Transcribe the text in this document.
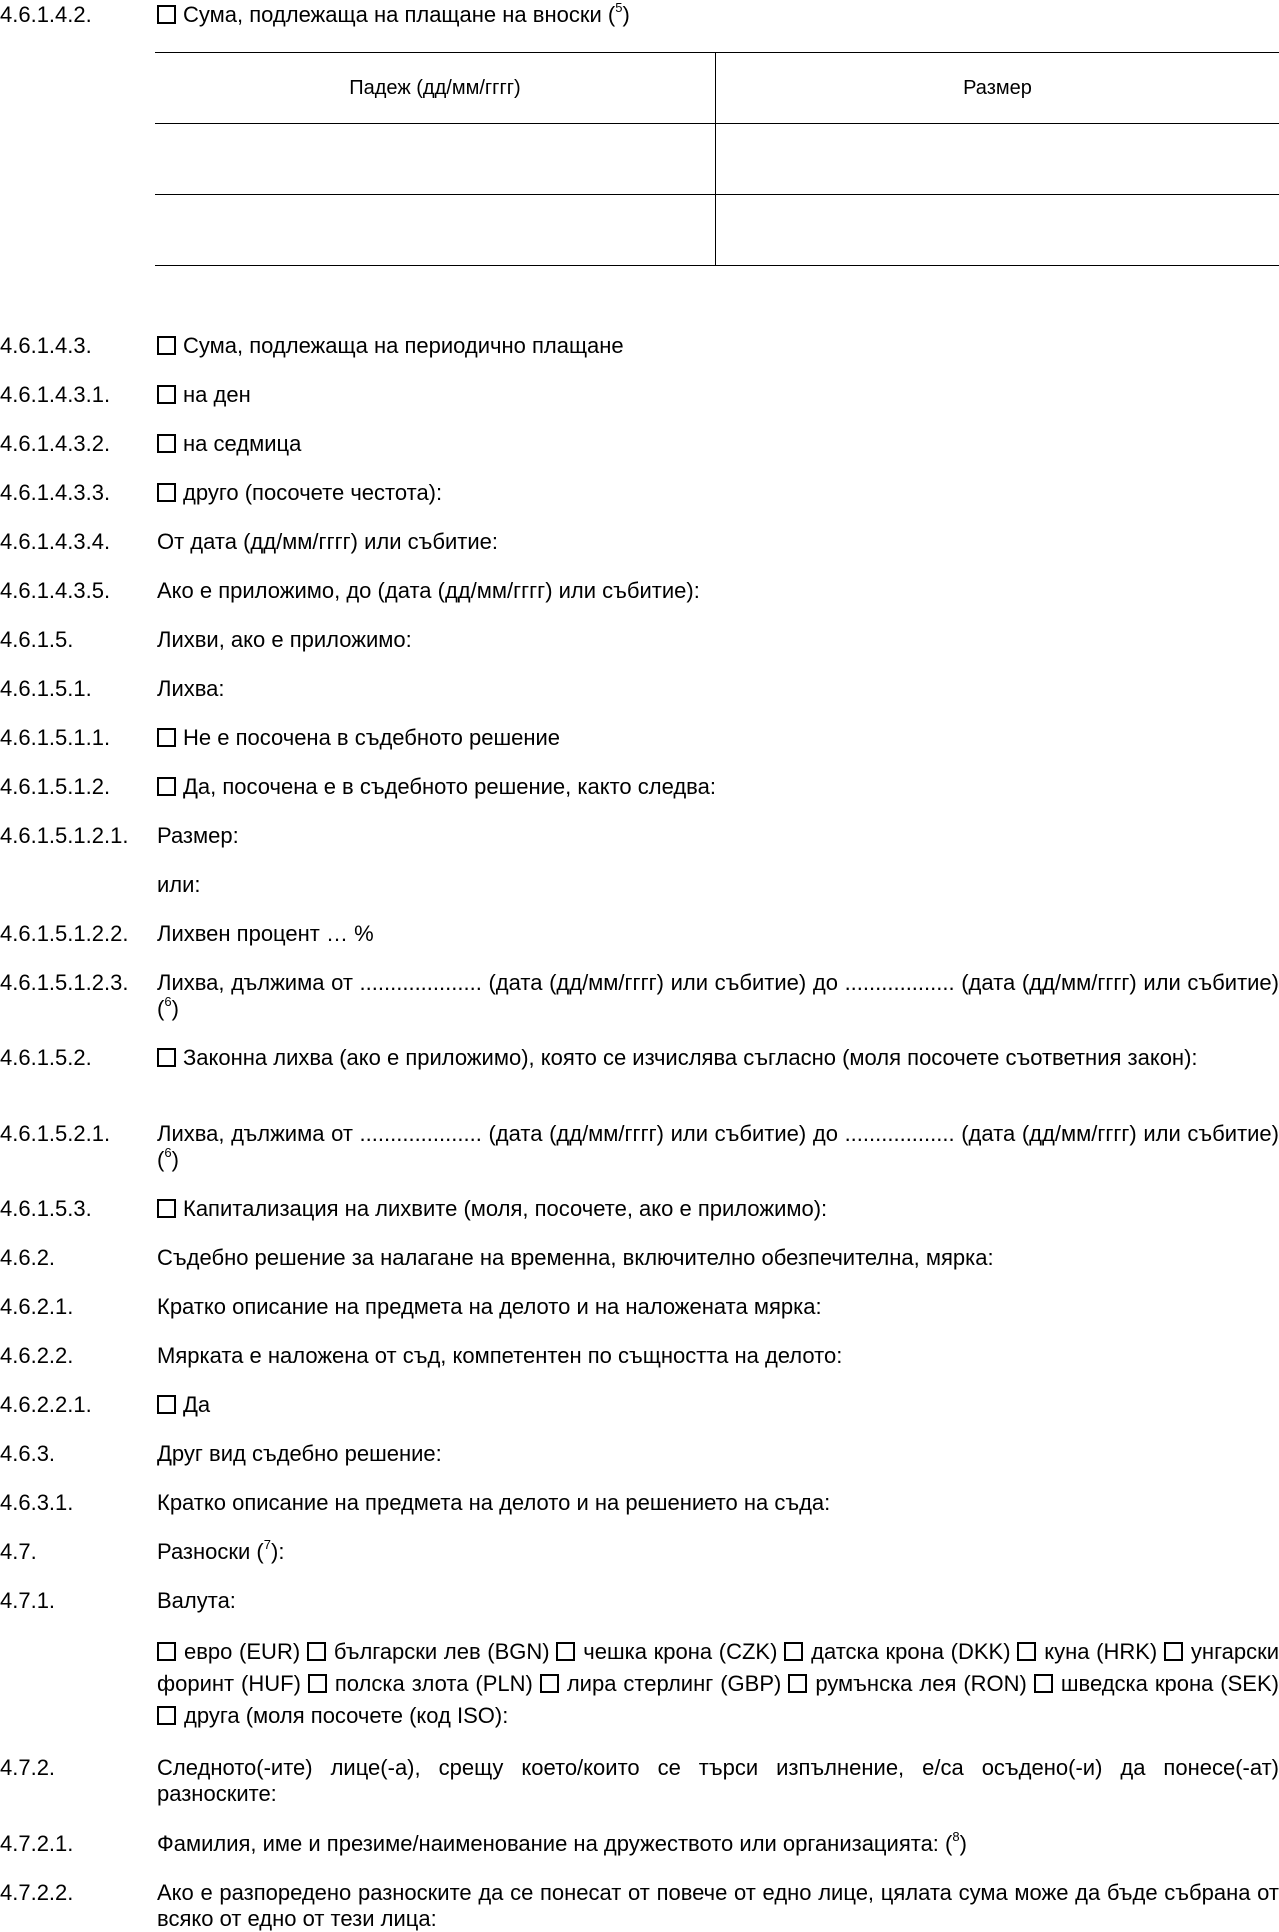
4.6.1.4.2.	Сума, подлежаща на плащане на вноски ($^5$)
Падеж (дд/мм/гггг)	Размер

4.6.1.4.3.	Сума, подлежаща на периодично плащане
4.6.1.4.3.1.	на ден
4.6.1.4.3.2.	на седмица
4.6.1.4.3.3.	друго (посочете честота):
4.6.1.4.3.4. От дата (дд/мм/гггг) или събитие:
4.6.1.4.3.5. Ако е приложимо, до (дата (дд/мм/гггг) или събитие):
4.6.1.5.	Лихви, ако е приложимо:
4.6.1.5.1.	Лихва:
4.6.1.5.1.1.	Не е посочена в съдебното решение
4.6.1.5.1.2.	Да, посочена е в съдебното решение, както следва:
4.6.1.5.1.2.1. Размер:
или:
4.6.1.5.1.2.2. Лихвен процент … %
4.6.1.5.1.2.3. Лихва, дължима от .................... (дата (дд/мм/гггг) или събитие) до .................. (дата (дд/мм/гггг) или събитие) ($^6$)
4.6.1.5.2.	Законна лихва (ако е приложимо), която се изчислява съгласно (моля посочете съответния закон):
4.6.1.5.2.1. Лихва, дължима от .................... (дата (дд/мм/гггг) или събитие) до .................. (дата (дд/мм/гггг) или събитие) ($^6$)
4.6.1.5.3.	Капитализация на лихвите (моля, посочете, ако е приложимо):
4.6.2.	Съдебно решение за налагане на временна, включително обезпечителна, мярка:
4.6.2.1.	Кратко описание на предмета на делото и на наложената мярка:
4.6.2.2.	Мярката е наложена от съд, компетентен по същността на делото:
4.6.2.2.1.	Да
4.6.3.	Друг вид съдебно решение:
4.6.3.1.	Кратко описание на предмета на делото и на решението на съда:
4.7.	Разноски ($^7$):
4.7.1.	Валута:
евро (EUR) български лев (BGN) чешка крона (CZK) датска крона (DKK) куна (HRK) унгарски форинт (HUF) полска злота (PLN) лира стерлинг (GBP) румънска лея (RON) шведска крона (SEK) друга (моля посочете (код ISO):
4.7.2.	Следното(-ите) лице(-а), срещу което/които се търси изпълнение, е/са осъдено(-и) да понесе(-ат) разноските:
4.7.2.1.	Фамилия, име и презиме/наименование на дружеството или организацията: ($^8$)
4.7.2.2.	Ако е разпоредено разноските да се понесат от повече от едно лице, цялата сума може да бъде събрана от всяко от едно от тези лица:
